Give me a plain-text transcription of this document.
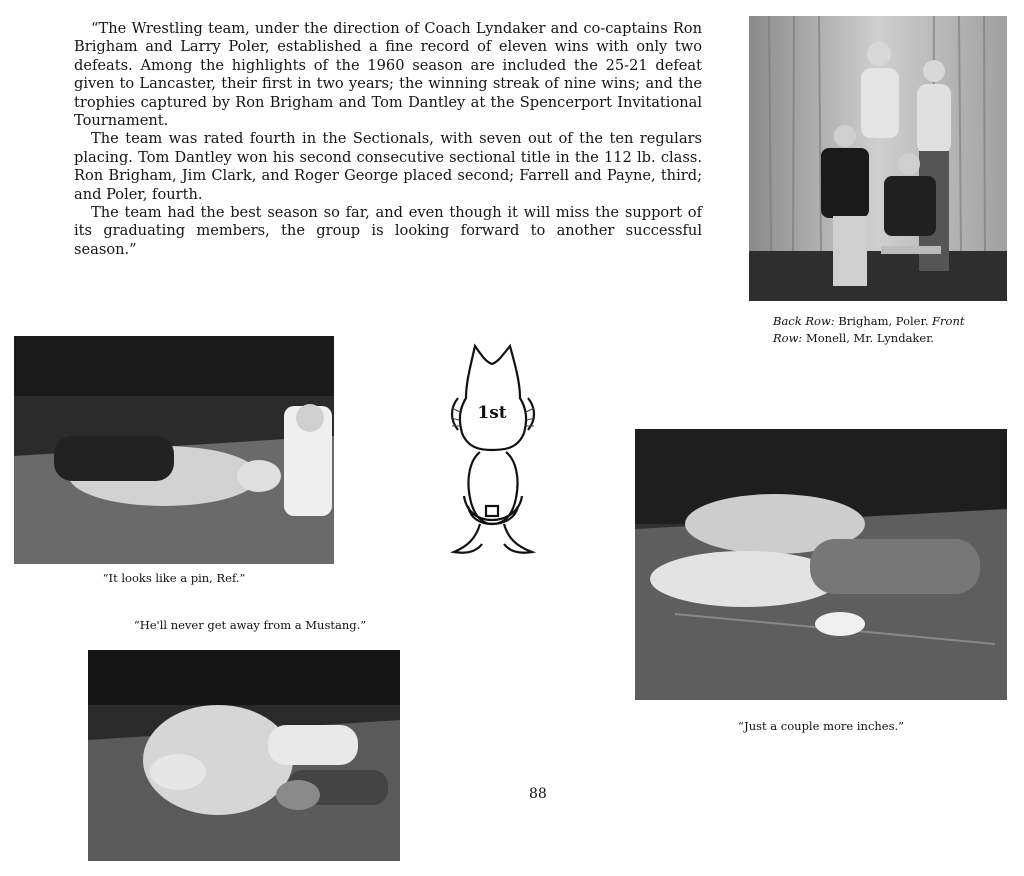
“The Wrestling team, under the direction of Coach Lyndaker and co-captains Ron Brigham and Larry Poler, established a fine record of eleven wins with only two defeats. Among the highlights of the 1960 season are included the 25-21 defeat given to Lancaster, their first in two years; the winning streak of nine wins; and the trophies captured by Ron Brigham and Tom Dantley at the Spencerport Invitational Tournament.

The team was rated fourth in the Sectionals, with seven out of the ten regulars placing. Tom Dantley won his second consecutive sectional title in the 112 lb. class. Ron Brigham, Jim Clark, and Roger George placed second; Farrell and Payne, third; and Poler, fourth.

The team had the best season so far, and even though it will miss the support of its graduating members, the group is looking forward to another successful season.”

Back Row: Brigham, Poler. Front Row: Monell, Mr. Lyndaker.
“It looks like a pin, Ref.”
1st
“Just a couple more inches.”
“He'll never get away from a Mustang.”
88
